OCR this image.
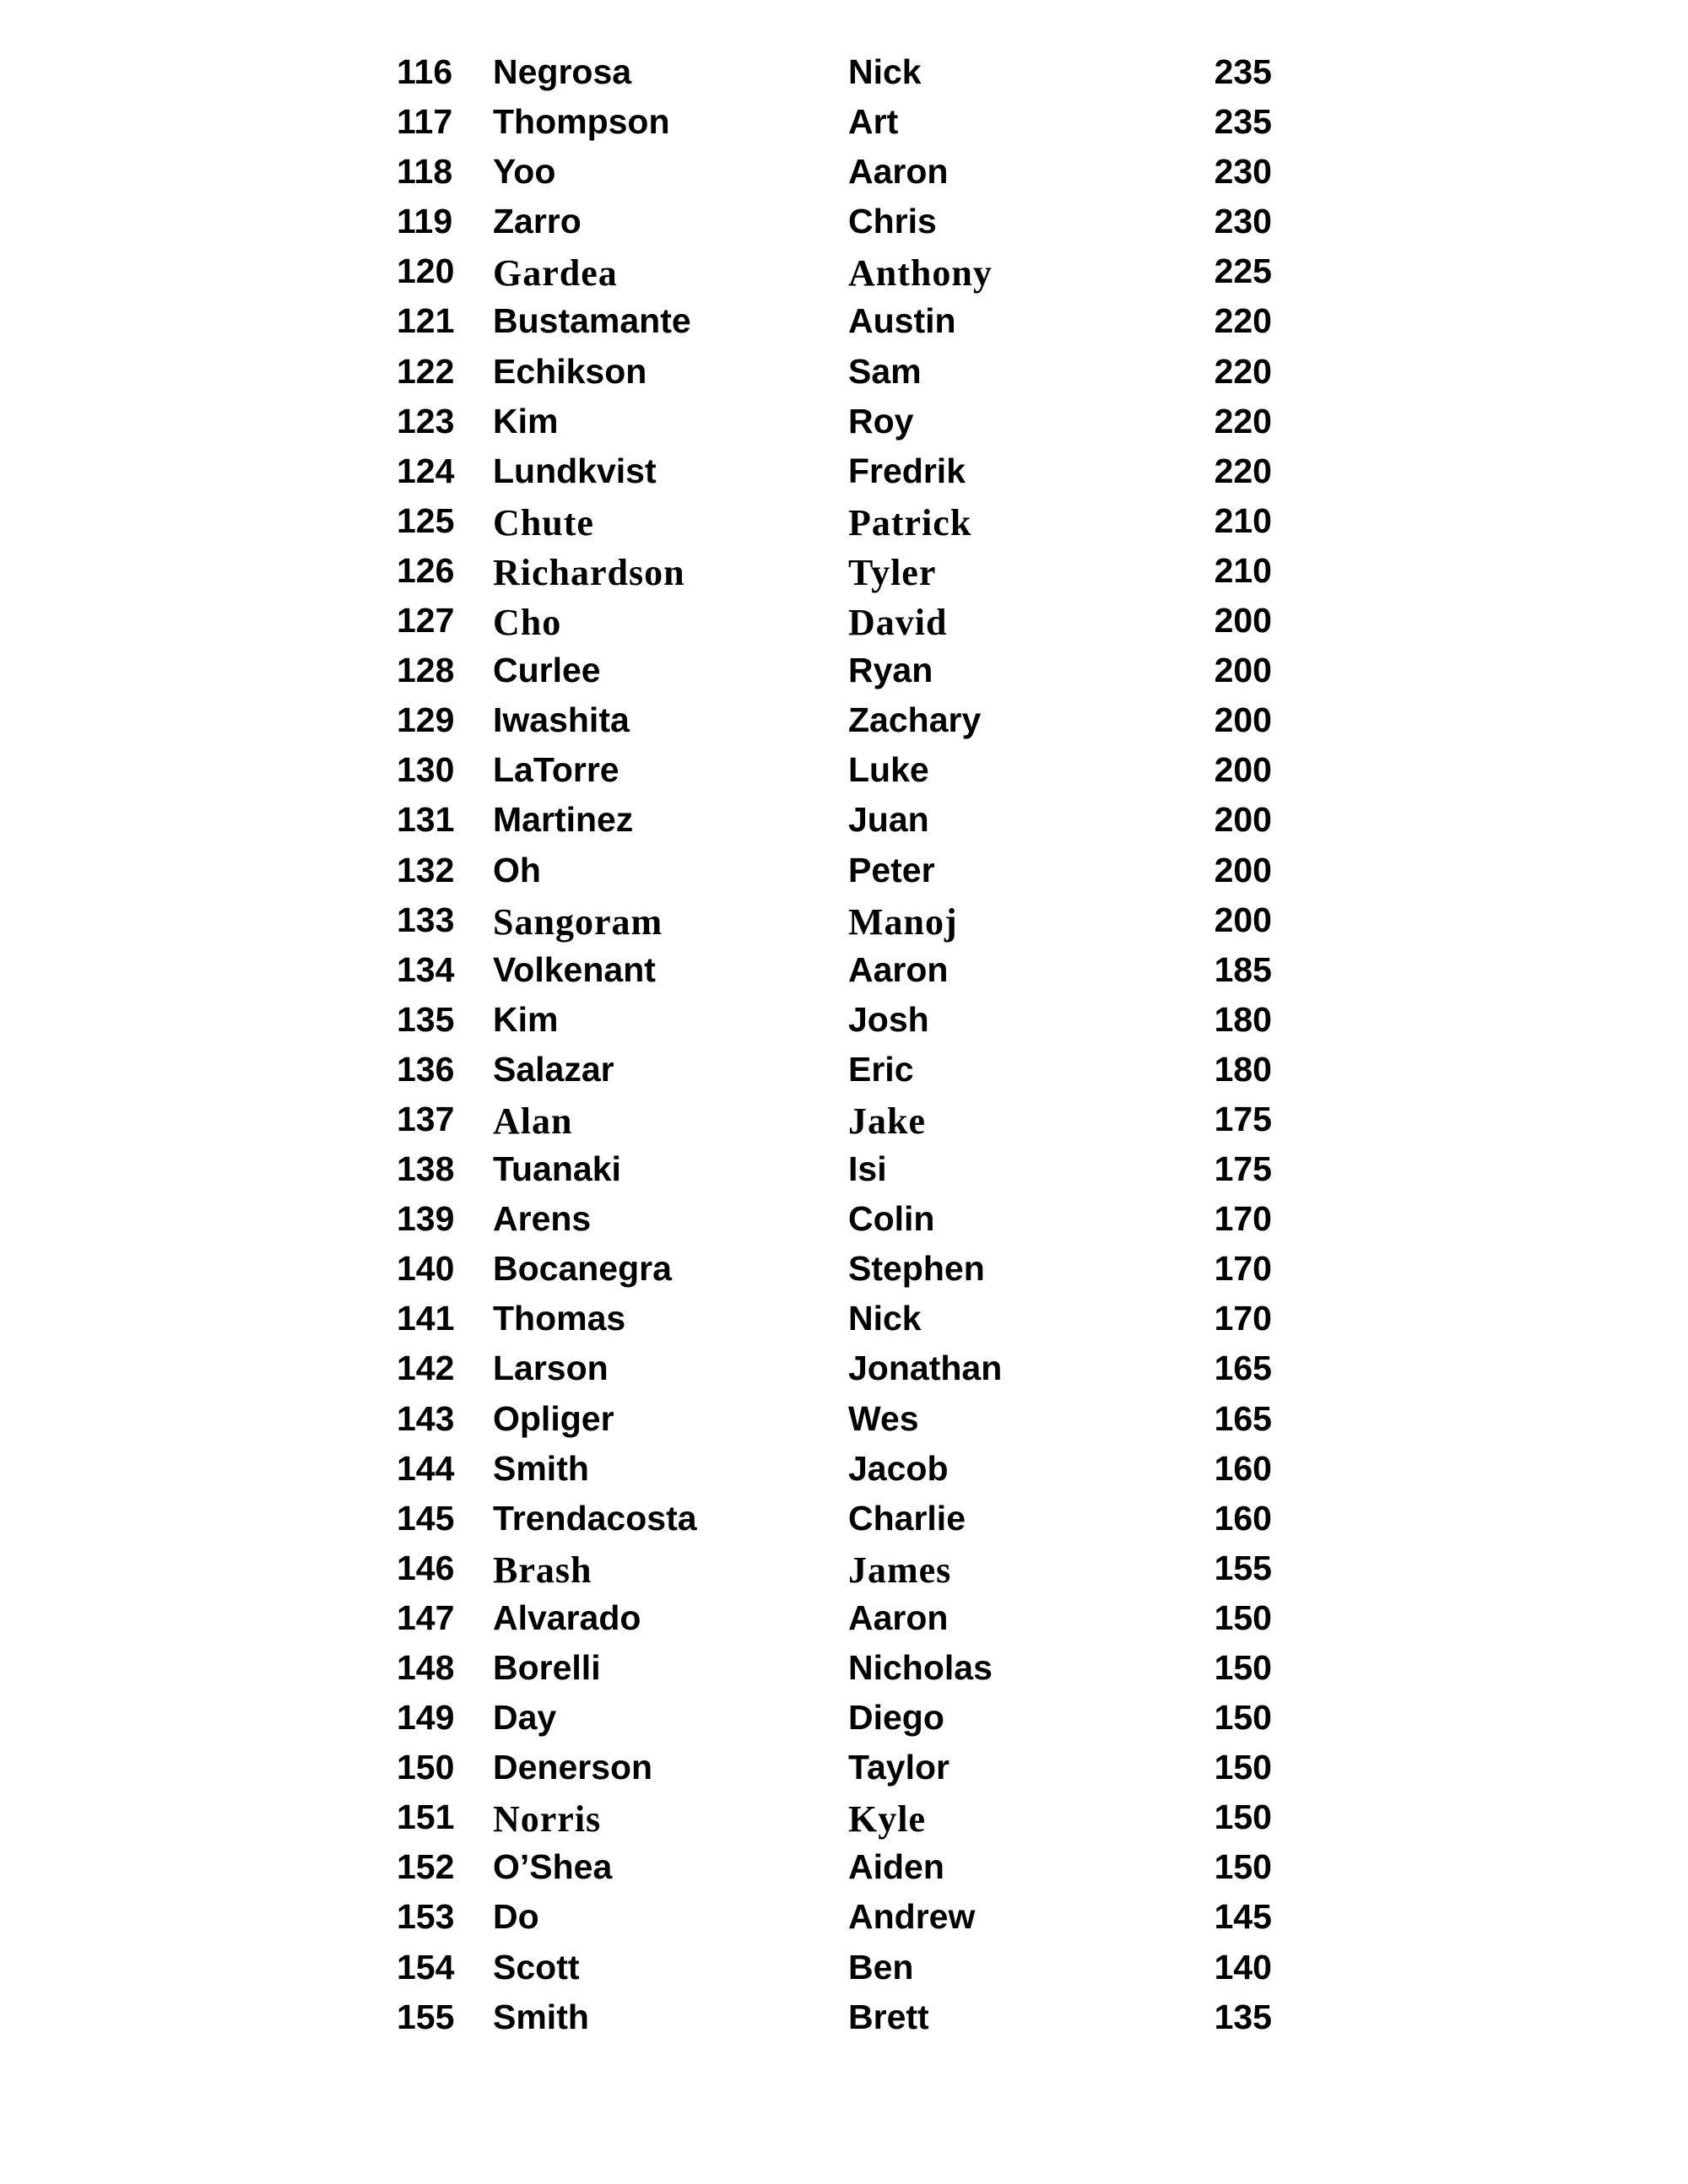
116 Negrosa	Nick	235
117 Thompson	Art	235
118 Yoo	Aaron	230
119 Zarro	Chris	230
120 Gardea	Anthony	225
121 Bustamante	Austin	220
122 Echikson	Sam	220
123 Kim	Roy	220
124 Lundkvist	Fredrik	220
125 Chute	Patrick	210
126 Richardson	Tyler	210
127 Cho	David	200
128 Curlee	Ryan	200
129 Iwashita	Zachary	200
130 LaTorre	Luke	200
131 Martinez	Juan	200
132 Oh	Peter	200
133 Sangoram	Manoj	200
134 Volkenant	Aaron	185
135 Kim	Josh	180
136 Salazar	Eric	180
137 Alan	Jake	175
138 Tuanaki	Isi	175
139 Arens	Colin	170
140 Bocanegra	Stephen	170
141 Thomas	Nick	170
142 Larson	Jonathan	165
143 Opliger	Wes	165
144 Smith	Jacob	160
145 Trendacosta	Charlie	160
146 Brash	James	155
147 Alvarado	Aaron	150
148 Borelli	Nicholas	150
149 Day	Diego	150
150 Denerson	Taylor	150
151 Norris	Kyle	150
152 O’Shea	Aiden	150
153 Do	Andrew	145
154 Scott	Ben	140
155 Smith	Brett	135
